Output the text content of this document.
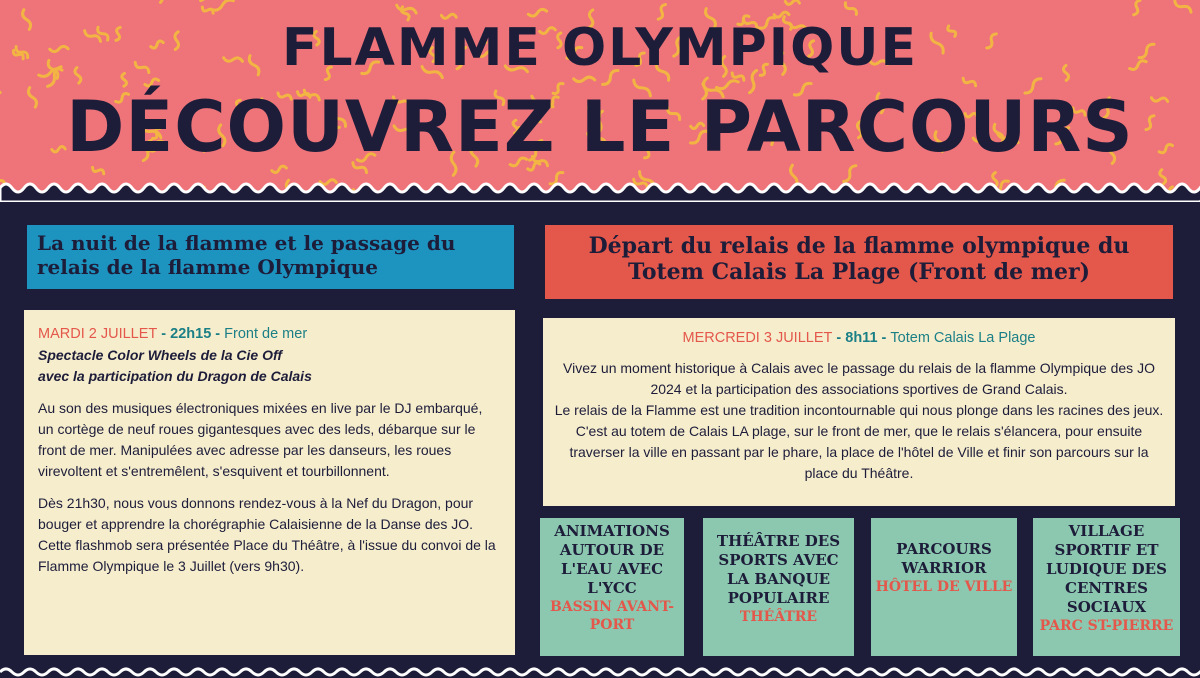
FLAMME OLYMPIQUE
DÉCOUVREZ LE PARCOURS
La nuit de la flamme et le passage du relais de la flamme Olympique
Départ du relais de la flamme olympique du Totem Calais La Plage (Front de mer)
MARDI 2 JUILLET - 22h15 - Front de mer
Spectacle Color Wheels de la Cie Off
avec la participation du Dragon de Calais

Au son des musiques électroniques mixées en live par le DJ embarqué, un cortège de neuf roues gigantesques avec des leds, débarque sur le front de mer. Manipulées avec adresse par les danseurs, les roues virevoltent et s'entremêlent, s'esquivent et tourbillonnent.

Dès 21h30, nous vous donnons rendez-vous à la Nef du Dragon, pour bouger et apprendre la chorégraphie Calaisienne de la Danse des JO. Cette flashmob sera présentée Place du Théâtre, à l'issue du convoi de la Flamme Olympique le 3 Juillet (vers 9h30).

MERCREDI 3 JUILLET - 8h11 - Totem Calais La Plage

Vivez un moment historique à Calais avec le passage du relais de la flamme Olympique des JO 2024 et la participation des associations sportives de Grand Calais.

Le relais de la Flamme est une tradition incontournable qui nous plonge dans les racines des jeux. C'est au totem de Calais LA plage, sur le front de mer, que le relais s'élancera, pour ensuite traverser la ville en passant par le phare, la place de l'hôtel de Ville et finir son parcours sur la place du Théâtre.

ANIMATIONS AUTOUR DE L'EAU AVEC L'YCC
BASSIN AVANT-PORT
THÉÂTRE DES SPORTS AVEC LA BANQUE POPULAIRE
THÉÂTRE
PARCOURS WARRIOR
HÔTEL DE VILLE
VILLAGE SPORTIF ET LUDIQUE DES CENTRES SOCIAUX
PARC ST-PIERRE
